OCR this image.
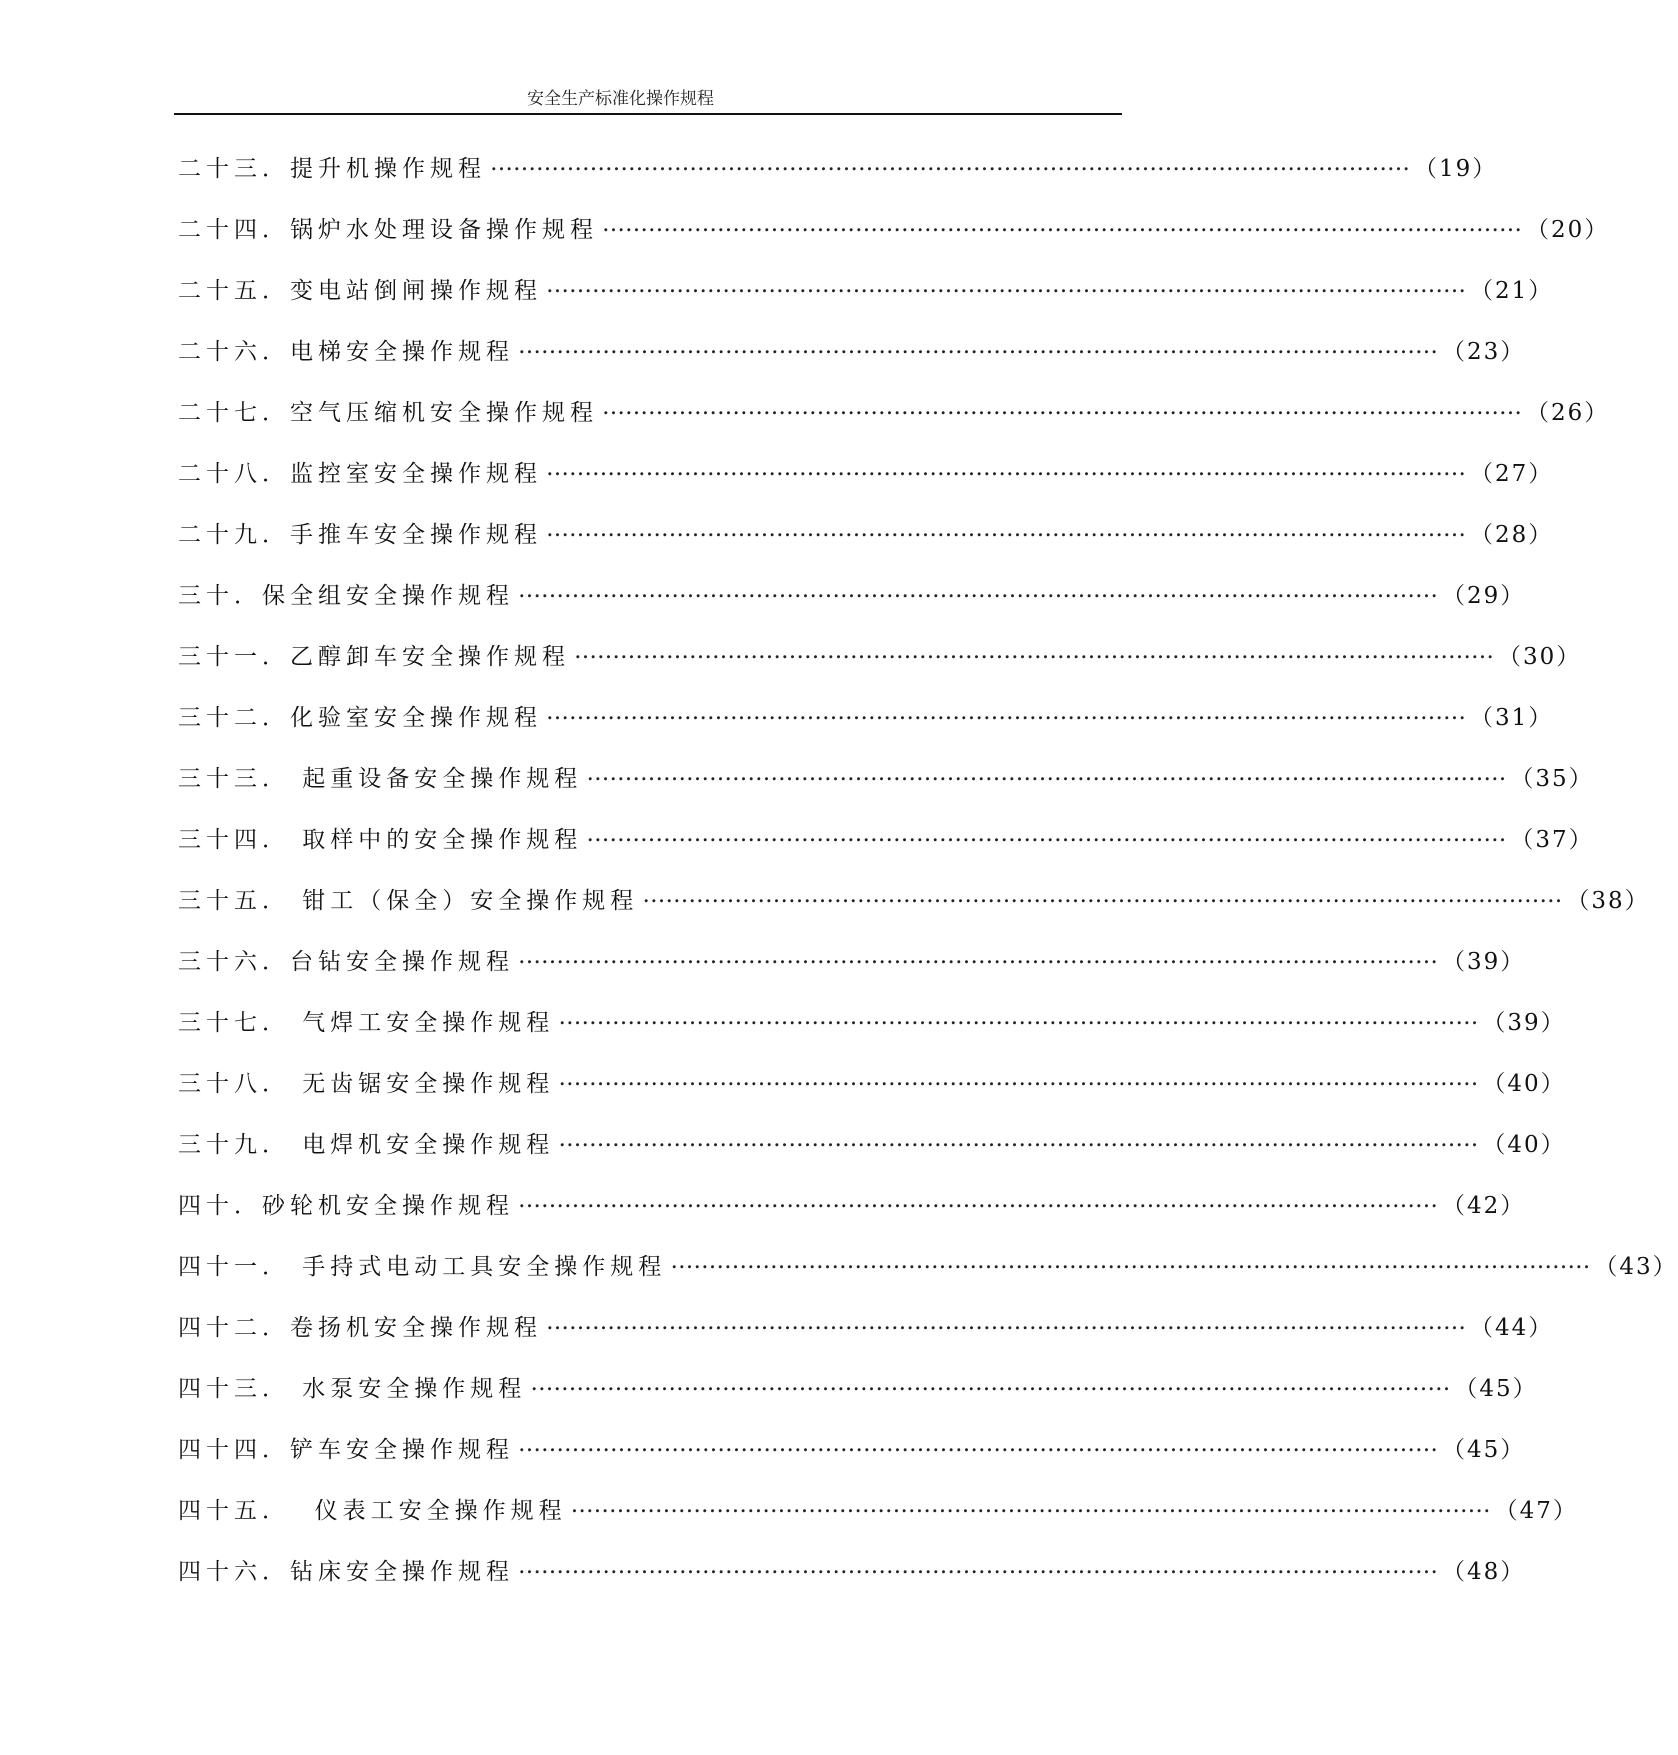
安全生产标准化操作规程
二十三． 提升机操作规程 ………………………………………………………………………………………………………… （19）
二十四． 锅炉水处理设备操作规程 ………………………………………………………………………………………………………… （20）
二十五． 变电站倒闸操作规程 ………………………………………………………………………………………………………… （21）
二十六． 电梯安全操作规程 ………………………………………………………………………………………………………… （23）
二十七． 空气压缩机安全操作规程 ………………………………………………………………………………………………………… （26）
二十八． 监控室安全操作规程 ………………………………………………………………………………………………………… （27）
二十九． 手推车安全操作规程 ………………………………………………………………………………………………………… （28）
三十． 保全组安全操作规程 ………………………………………………………………………………………………………… （29）
三十一． 乙醇卸车安全操作规程 ………………………………………………………………………………………………………… （30）
三十二． 化验室安全操作规程 ………………………………………………………………………………………………………… （31）
三十三． 起重设备安全操作规程 ………………………………………………………………………………………………………… （35）
三十四． 取样中的安全操作规程 ………………………………………………………………………………………………………… （37）
三十五． 钳工（保全）安全操作规程 ………………………………………………………………………………………………………… （38）
三十六． 台钻安全操作规程 ………………………………………………………………………………………………………… （39）
三十七． 气焊工安全操作规程 ………………………………………………………………………………………………………… （39）
三十八． 无齿锯安全操作规程 ………………………………………………………………………………………………………… （40）
三十九． 电焊机安全操作规程 ………………………………………………………………………………………………………… （40）
四十． 砂轮机安全操作规程 ………………………………………………………………………………………………………… （42）
四十一． 手持式电动工具安全操作规程 ………………………………………………………………………………………………………… （43）
四十二． 卷扬机安全操作规程 ………………………………………………………………………………………………………… （44）
四十三． 水泵安全操作规程 ………………………………………………………………………………………………………… （45）
四十四． 铲车安全操作规程 ………………………………………………………………………………………………………… （45）
四十五． 仪表工安全操作规程 ………………………………………………………………………………………………………… （47）
四十六． 钻床安全操作规程 ………………………………………………………………………………………………………… （48）
